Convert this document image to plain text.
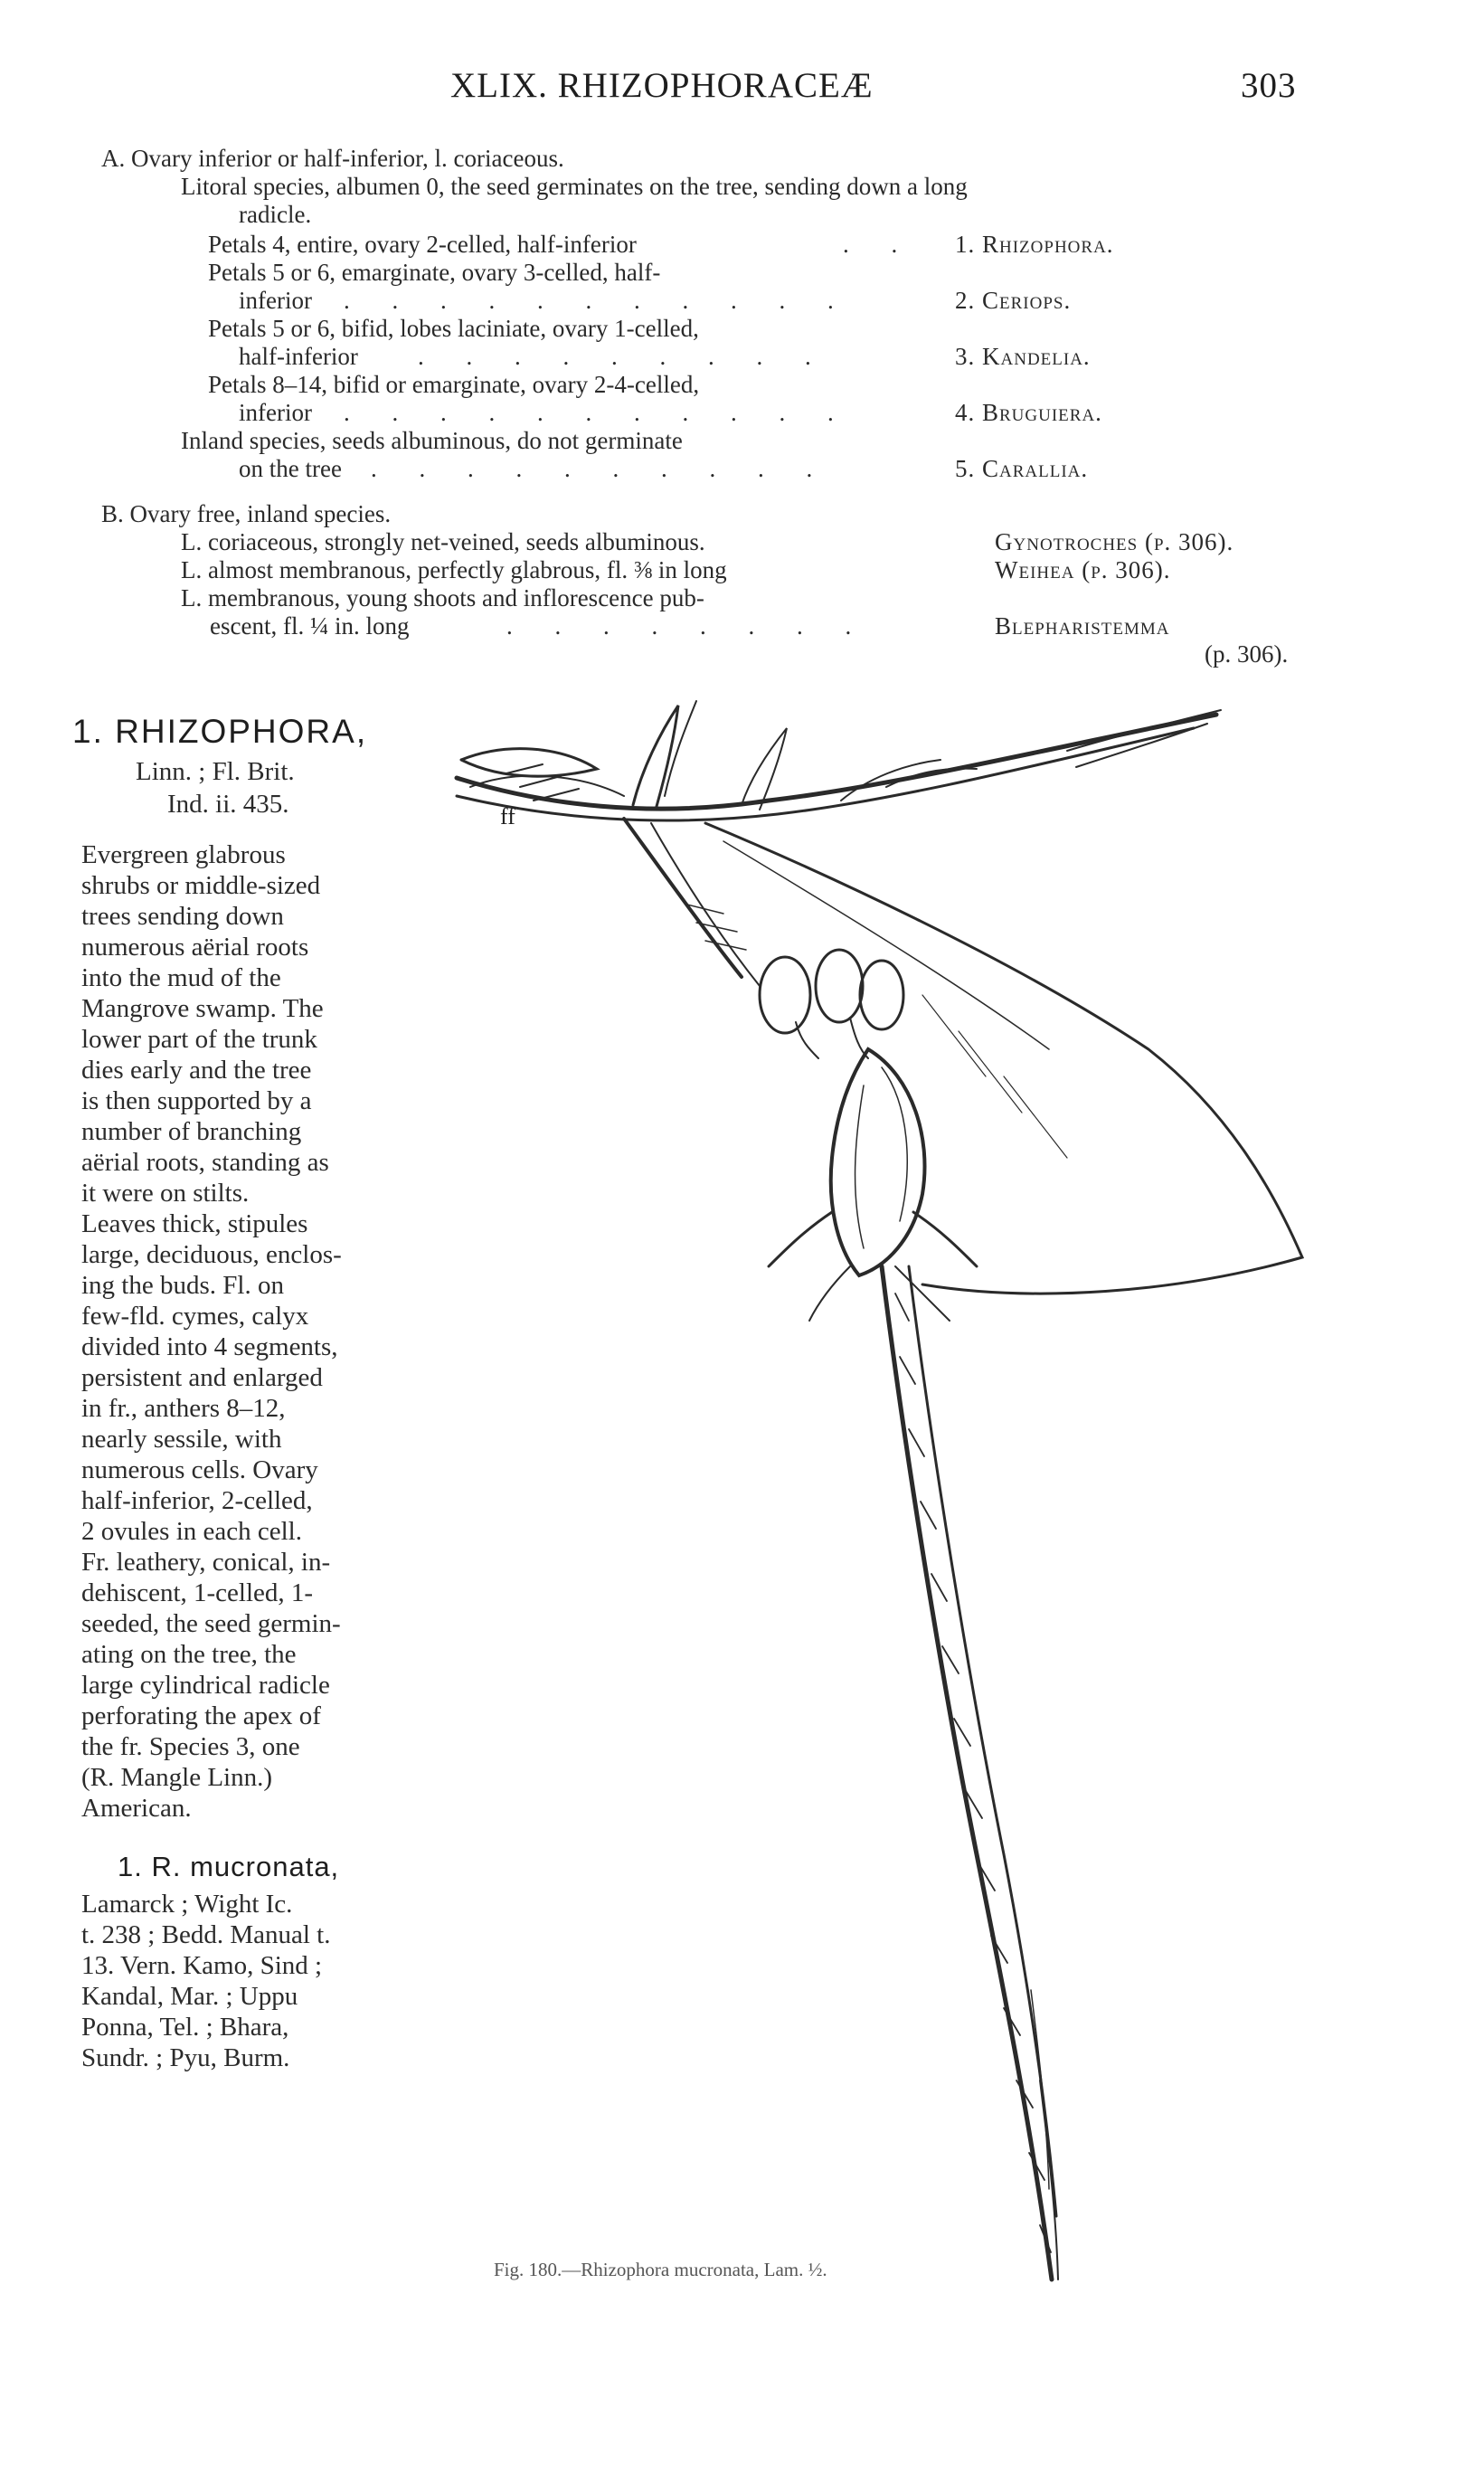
XLIX. RHIZOPHORACEÆ	303
A. Ovary inferior or half-inferior, l. coriaceous.
Litoral species, albumen 0, the seed germinates on the tree, sending down a long
radicle.
Petals 4, entire, ovary 2-celled, half-inferior	. . 1. Rhizophora.
Petals 5 or 6, emarginate, ovary 3-celled, half-
inferior . . . . . . . . . . .	2. Ceriops.
Petals 5 or 6, bifid, lobes laciniate, ovary 1-celled,
half-inferior . . . . . . . . .	3. Kandelia.
Petals 8–14, bifid or emarginate, ovary 2-4-celled,
inferior . . . . . . . . . . .	4. Bruguiera.
Inland species, seeds albuminous, do not germinate
on the tree . . . . . . . . . .	5. Carallia.
B. Ovary free, inland species.
L. coriaceous, strongly net-veined, seeds albuminous.	Gynotroches (p. 306).
L. almost membranous, perfectly glabrous, fl. ⅜ in long	Weihea (p. 306).
L. membranous, young shoots and inflorescence pub-
escent, fl. ¼ in. long	. . . . . . . .	Blepharistemma
(p. 306).
1. RHIZOPHORA,
Linn. ; Fl. Brit.
Ind. ii. 435.
Evergreen glabrous
shrubs or middle-sized
trees sending down
numerous aërial roots
into the mud of the
Mangrove swamp. The
lower part of the trunk
dies early and the tree
is then supported by a
number of branching
aërial roots, standing as
it were on stilts.
Leaves thick, stipules
large, deciduous, enclos-
ing the buds. Fl. on
few-fld. cymes, calyx
divided into 4 segments,
persistent and enlarged
in fr., anthers 8–12,
nearly sessile, with
numerous cells. Ovary
half-inferior, 2-celled,
2 ovules in each cell.
Fr. leathery, conical, in-
dehiscent, 1-celled, 1-
seeded, the seed germin-
ating on the tree, the
large cylindrical radicle
perforating the apex of
the fr. Species 3, one
(R. Mangle Linn.)
American.
1. R. mucronata,
Lamarck ; Wight Ic.
t. 238 ; Bedd. Manual t.
13. Vern. Kamo, Sind ;
Kandal, Mar. ; Uppu
Ponna, Tel. ; Bhara,
Sundr. ; Pyu, Burm.
ff
Fig. 180.—Rhizophora mucronata, Lam. ½.
